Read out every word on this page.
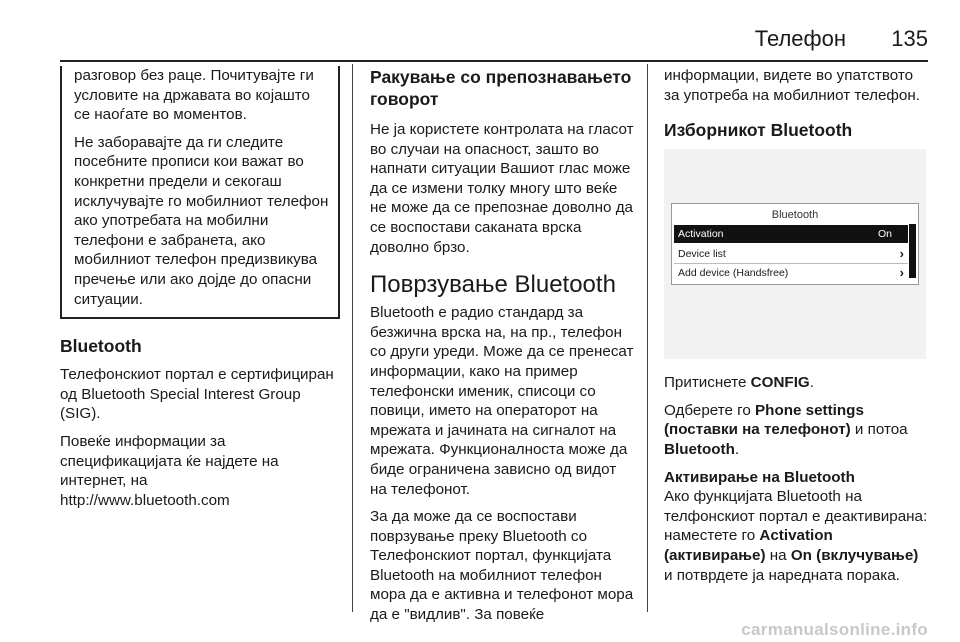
Телефон 135

разговор без раце. Почитувајте ги условите на државата во којашто се наоѓате во моментов.

Не заборавајте да ги следите посебните прописи кои важат во конкретни предели и секогаш исклучувајте го мобилниот телефон ако употребата на мобилни телефони е забранета, ако мобилниот телефон предизвикува пречење или ако дојде до опасни ситуации.

Bluetooth

Телефонскиот портал е сертифициран од Bluetooth Special Interest Group (SIG).

Повеќе информации за спецификацијата ќе најдете на интернет, на

http://www.bluetooth.com

Ракување со препознавањето говорот

Не ја користете контролата на гласот во случаи на опасност, зашто во напнати ситуации Вашиот глас може да се измени толку многу што веќе не може да се препознае доволно да се воспостави саканата врска доволно брзо.

Поврзување Bluetooth

Bluetooth е радио стандард за безжична врска на, на пр., телефон со други уреди. Може да се пренесат информации, како на пример телефонски именик, списоци со повици, името на операторот на мрежата и јачината на сигналот на мрежата. Функционалноста може да биде ограничена зависно од видот на телефонот.

За да може да се воспостави поврзување преку Bluetooth со Телефонскиот портал, функцијата Bluetooth на мобилниот телефон мора да е активна и телефонот мора да е "видлив". За повеќе

информации, видете во упатството за употреба на мобилниот телефон.

Изборникот Bluetooth
Bluetooth
Activation	On
Device list	›
Add device (Handsfree)	›

Притиснете CONFIG.

Одберете го Phone settings (поставки на телефонот) и потоа Bluetooth.

Активирање на Bluetooth

Ако функцијата Bluetooth на телфонскиот портал е деактивирана: наместете го Activation (активирање) на On (вклучување) и потврдете ја наредната порака.

carmanualsonline.info
